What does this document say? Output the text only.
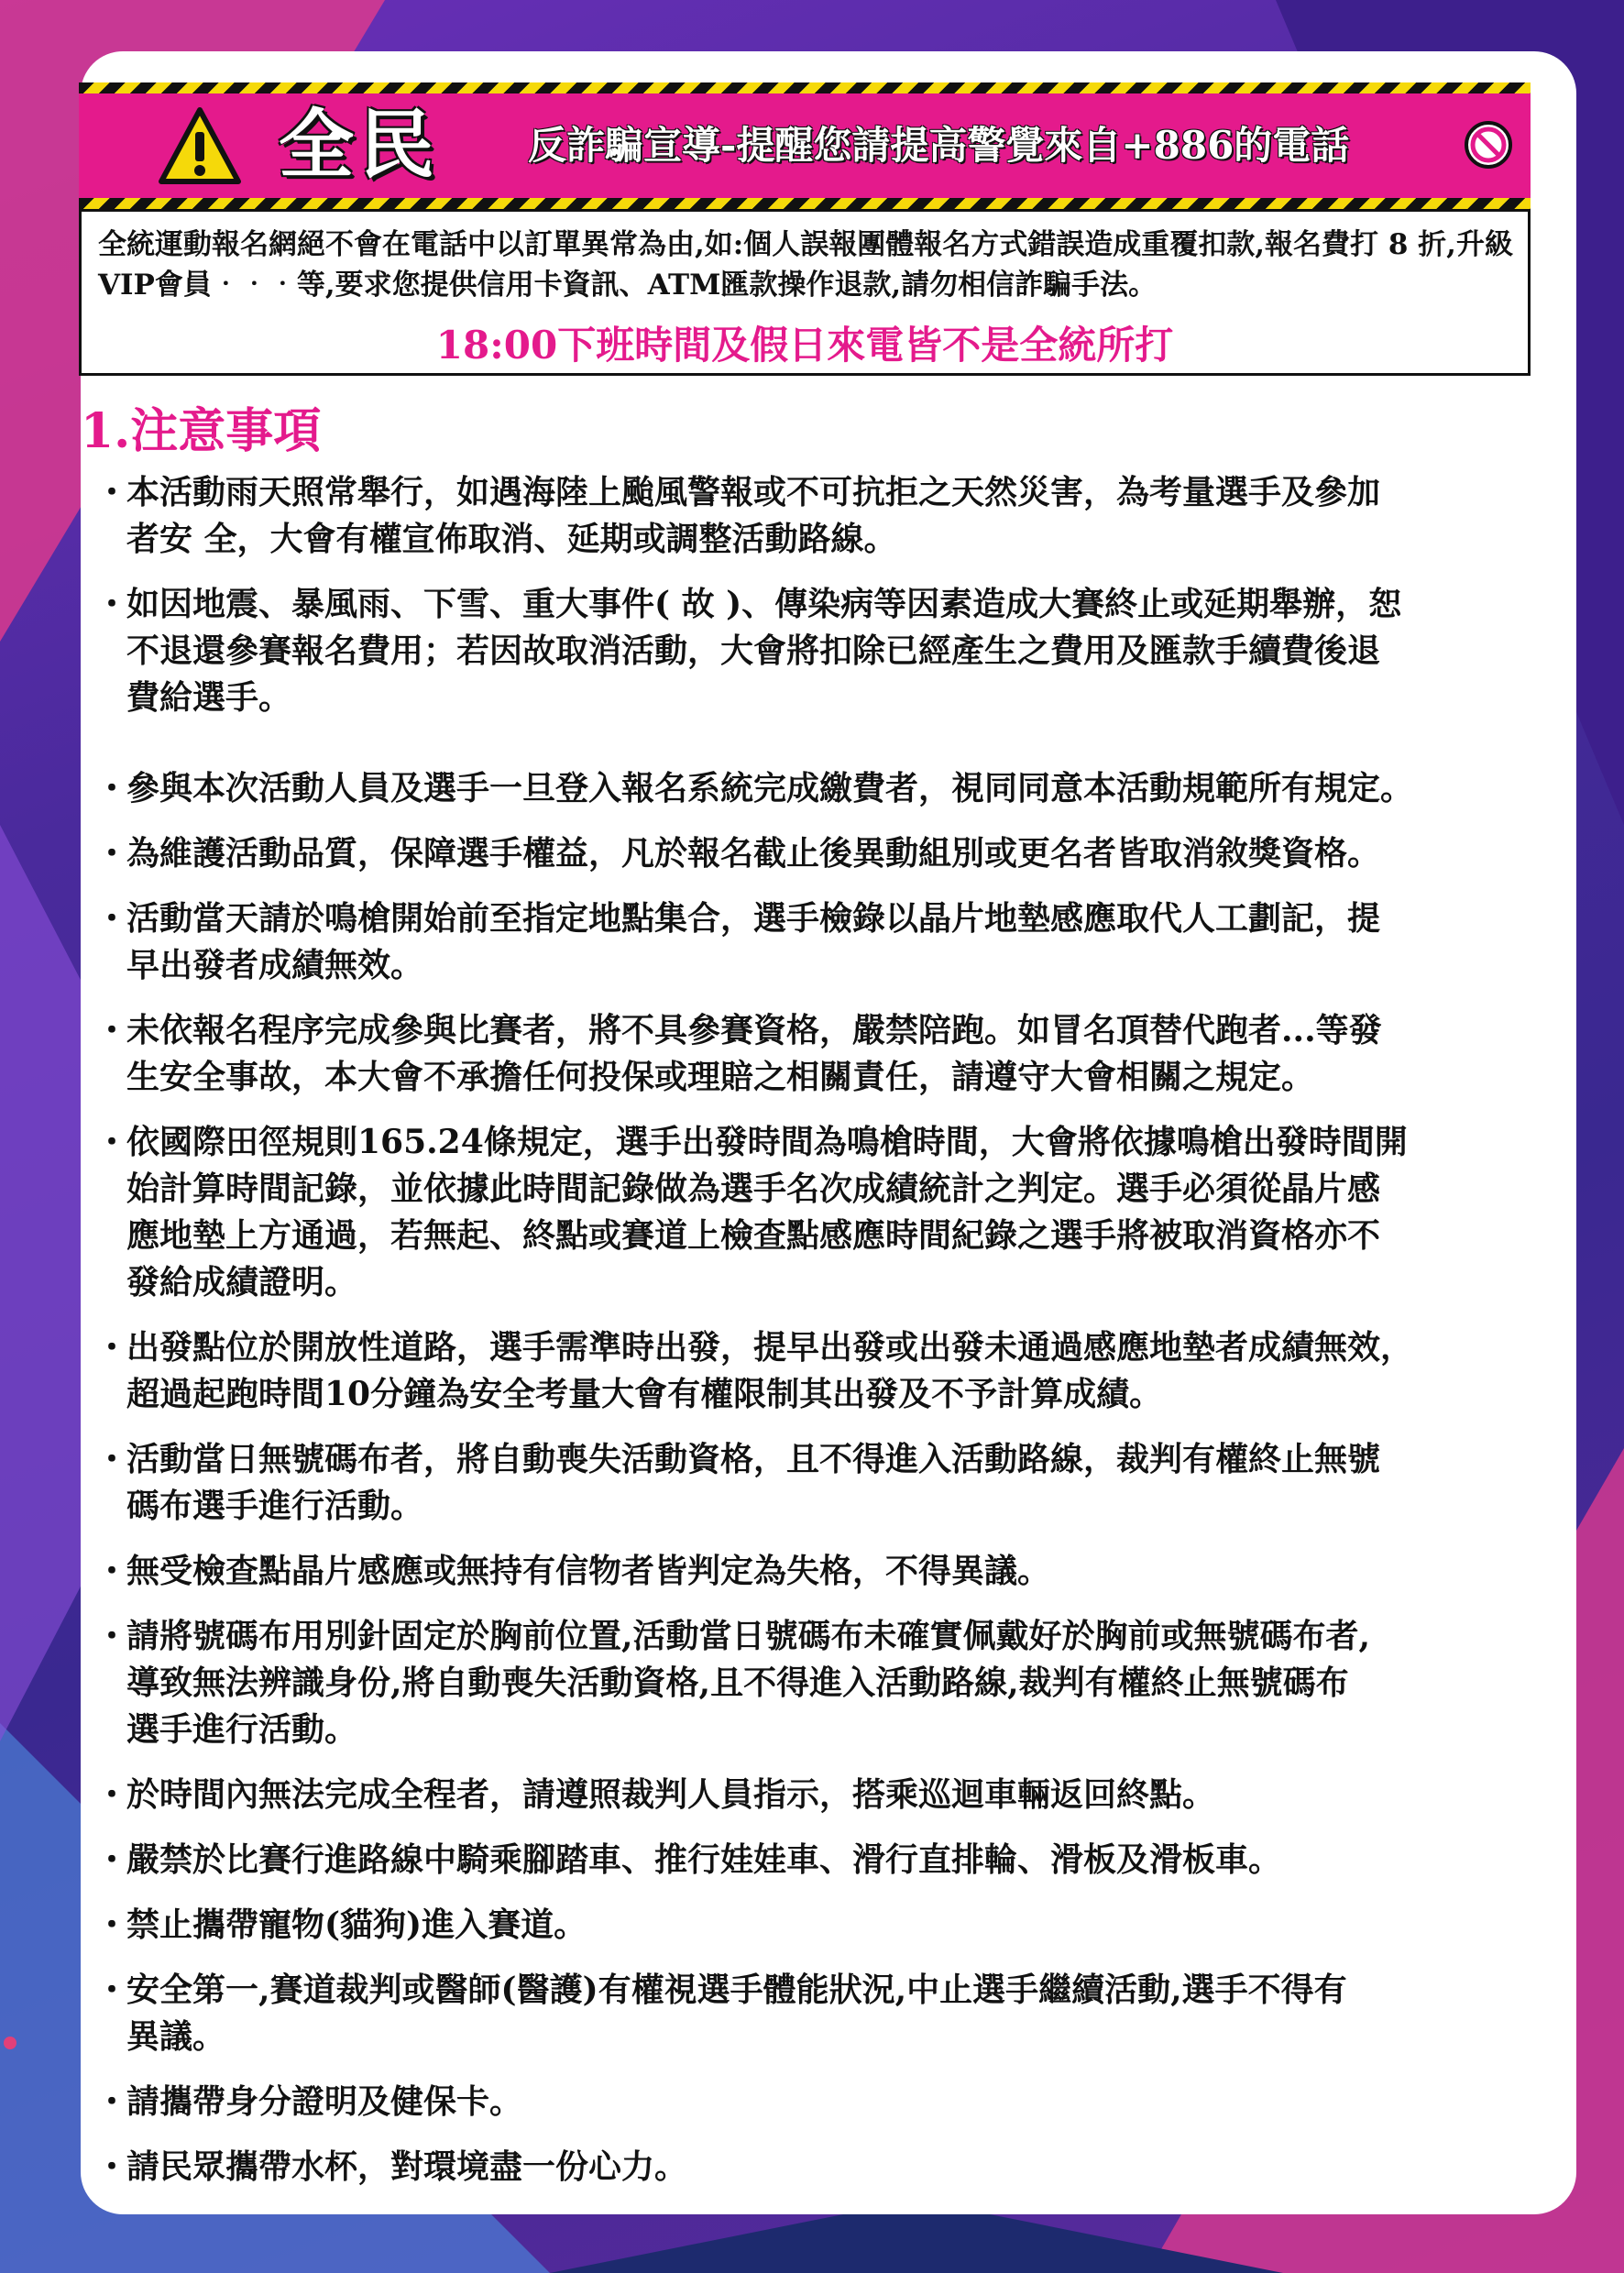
全民 反詐騙宣導-提醒您請提高警覺來自+886的電話
全統運動報名網絕不會在電話中以訂單異常為由,如:個人誤報團體報名方式錯誤造成重覆扣款,報名費打 8 折,升級VIP會員‧‧‧等,要求您提供信用卡資訊、ATM匯款操作退款,請勿相信詐騙手法。
18:00下班時間及假日來電皆不是全統所打
1.注意事項
・
本活動雨天照常舉行，如遇海陸上颱風警報或不可抗拒之天然災害，為考量選手及參加
者安 全，大會有權宣佈取消、延期或調整活動路線。
・
如因地震、暴風雨、下雪、重大事件( 故 )、傳染病等因素造成大賽終止或延期舉辦，恕
不退還參賽報名費用；若因故取消活動，大會將扣除已經產生之費用及匯款手續費後退
費給選手。
・
參與本次活動人員及選手一旦登入報名系統完成繳費者，視同同意本活動規範所有規定。
・
為維護活動品質，保障選手權益，凡於報名截止後異動組別或更名者皆取消敘獎資格。
・
活動當天請於鳴槍開始前至指定地點集合，選手檢錄以晶片地墊感應取代人工劃記，提
早出發者成績無效。
・
未依報名程序完成參與比賽者，將不具參賽資格，嚴禁陪跑。如冒名頂替代跑者...等發
生安全事故，本大會不承擔任何投保或理賠之相關責任，請遵守大會相關之規定。
・
依國際田徑規則165.24條規定，選手出發時間為鳴槍時間，大會將依據鳴槍出發時間開
始計算時間記錄，並依據此時間記錄做為選手名次成績統計之判定。選手必須從晶片感
應地墊上方通過，若無起、終點或賽道上檢查點感應時間紀錄之選手將被取消資格亦不
發給成績證明。
・
出發點位於開放性道路，選手需準時出發，提早出發或出發未通過感應地墊者成績無效，
超過起跑時間10分鐘為安全考量大會有權限制其出發及不予計算成績。
・
活動當日無號碼布者，將自動喪失活動資格，且不得進入活動路線，裁判有權終止無號
碼布選手進行活動。
・
無受檢查點晶片感應或無持有信物者皆判定為失格，不得異議。
・
請將號碼布用別針固定於胸前位置,活動當日號碼布未確實佩戴好於胸前或無號碼布者,
導致無法辨識身份,將自動喪失活動資格,且不得進入活動路線,裁判有權終止無號碼布
選手進行活動。
・
於時間內無法完成全程者，請遵照裁判人員指示，搭乘巡迴車輛返回終點。
・
嚴禁於比賽行進路線中騎乘腳踏車、推行娃娃車、滑行直排輪、滑板及滑板車。
・
禁止攜帶寵物(貓狗)進入賽道。
・
安全第一,賽道裁判或醫師(醫護)有權視選手體能狀況,中止選手繼續活動,選手不得有
異議。
・
請攜帶身分證明及健保卡。
・
請民眾攜帶水杯，對環境盡一份心力。
